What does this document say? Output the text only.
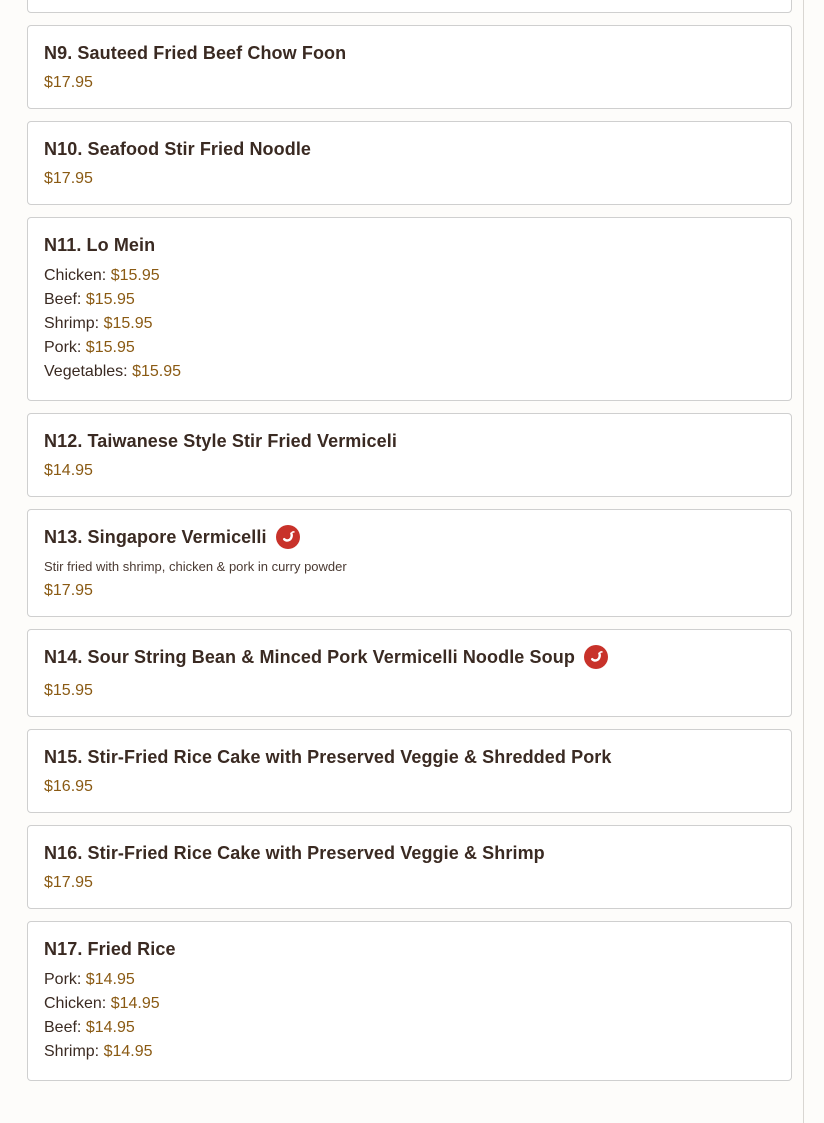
N9. Sauteed Fried Beef Chow Foon
$17.95
N10. Seafood Stir Fried Noodle
$17.95
N11. Lo Mein
Chicken: $15.95
Beef: $15.95
Shrimp: $15.95
Pork: $15.95
Vegetables: $15.95
N12. Taiwanese Style Stir Fried Vermiceli
$14.95
N13. Singapore Vermicelli
Stir fried with shrimp, chicken & pork in curry powder
$17.95
N14. Sour String Bean & Minced Pork Vermicelli Noodle Soup
$15.95
N15. Stir-Fried Rice Cake with Preserved Veggie & Shredded Pork
$16.95
N16. Stir-Fried Rice Cake with Preserved Veggie & Shrimp
$17.95
N17. Fried Rice
Pork: $14.95
Chicken: $14.95
Beef: $14.95
Shrimp: $14.95
